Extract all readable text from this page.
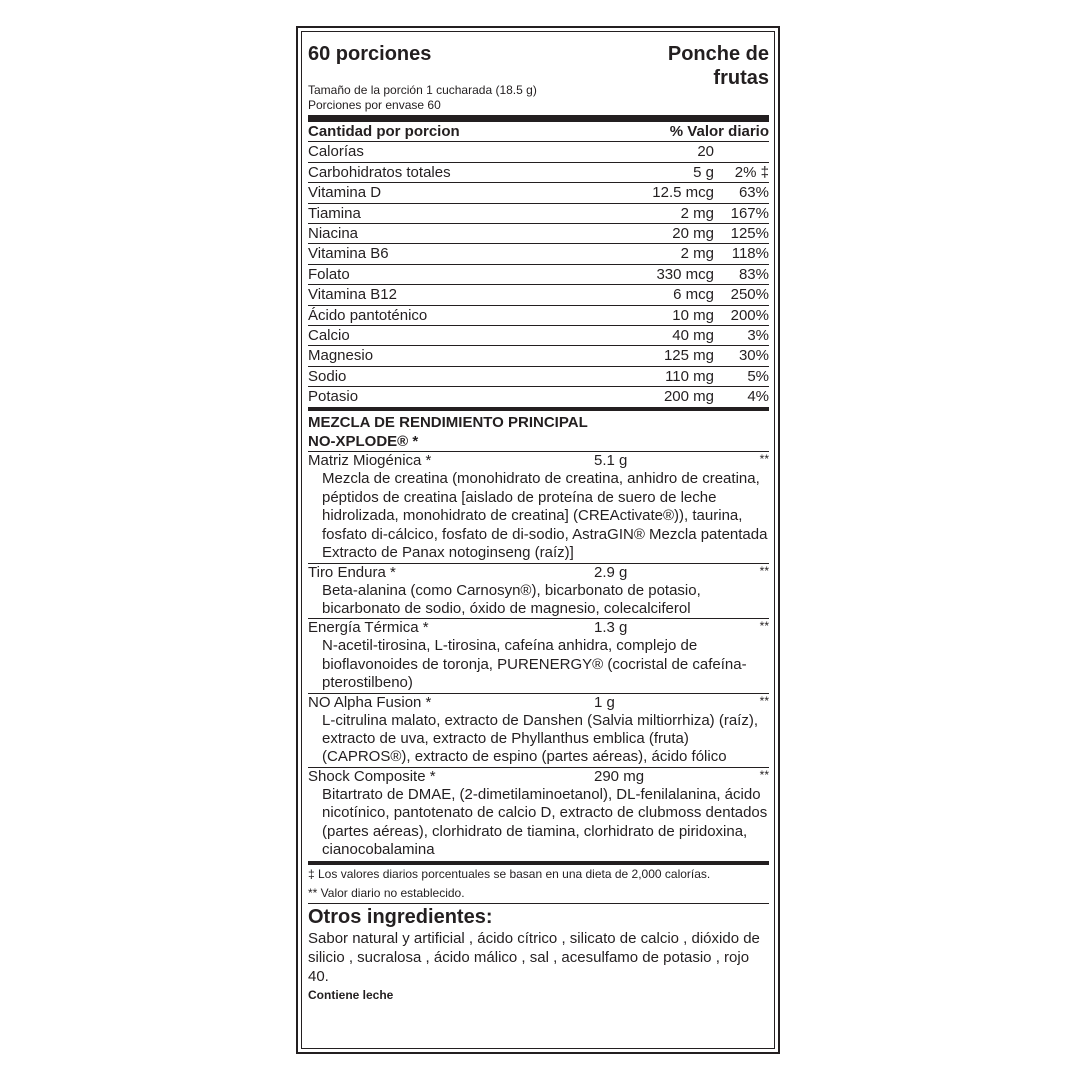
60 porciones	Ponche de frutas
Tamaño de la porción 1 cucharada (18.5 g)
Porciones por envase 60
Cantidad por porcion	% Valor diario
Calorías	20
Carbohidratos totales	5 g	2% ‡
Vitamina D	12.5 mcg	63%
Tiamina	2 mg	167%
Niacina	20 mg	125%
Vitamina B6	2 mg	118%
Folato	330 mcg	83%
Vitamina B12	6 mcg	250%
Ácido pantoténico	10 mg	200%
Calcio	40 mg	3%
Magnesio	125 mg	30%
Sodio	110 mg	5%
Potasio	200 mg	4%
MEZCLA DE RENDIMIENTO PRINCIPAL
NO-XPLODE® *
Matriz Miogénica *	5.1 g	**
Mezcla de creatina (monohidrato de creatina, anhidro de creatina, péptidos de creatina [aislado de proteína de suero de leche hidrolizada, monohidrato de creatina] (CREActivate®)), taurina, fosfato di-cálcico, fosfato de di-sodio, AstraGIN® Mezcla patentada Extracto de Panax notoginseng (raíz)]
Tiro Endura *	2.9 g	**
Beta-alanina (como Carnosyn®), bicarbonato de potasio, bicarbonato de sodio, óxido de magnesio, colecalciferol
Energía Térmica *	1.3 g	**
N-acetil-tirosina, L-tirosina, cafeína anhidra, complejo de bioflavonoides de toronja, PURENERGY® (cocristal de cafeína-pterostilbeno)
NO Alpha Fusion *	1 g	**
L-citrulina malato, extracto de Danshen (Salvia miltiorrhiza) (raíz), extracto de uva, extracto de Phyllanthus emblica (fruta) (CAPROS®), extracto de espino (partes aéreas), ácido fólico
Shock Composite *	290 mg	**
Bitartrato de DMAE, (2-dimetilaminoetanol), DL-fenilalanina, ácido nicotínico, pantotenato de calcio D, extracto de clubmoss dentados (partes aéreas), clorhidrato de tiamina, clorhidrato de piridoxina, cianocobalamina
‡ Los valores diarios porcentuales se basan en una dieta de 2,000 calorías.
** Valor diario no establecido.
Otros ingredientes:
Sabor natural y artificial , ácido cítrico , silicato de calcio , dióxido de silicio , sucralosa , ácido málico , sal , acesulfamo de potasio , rojo 40.
Contiene leche
